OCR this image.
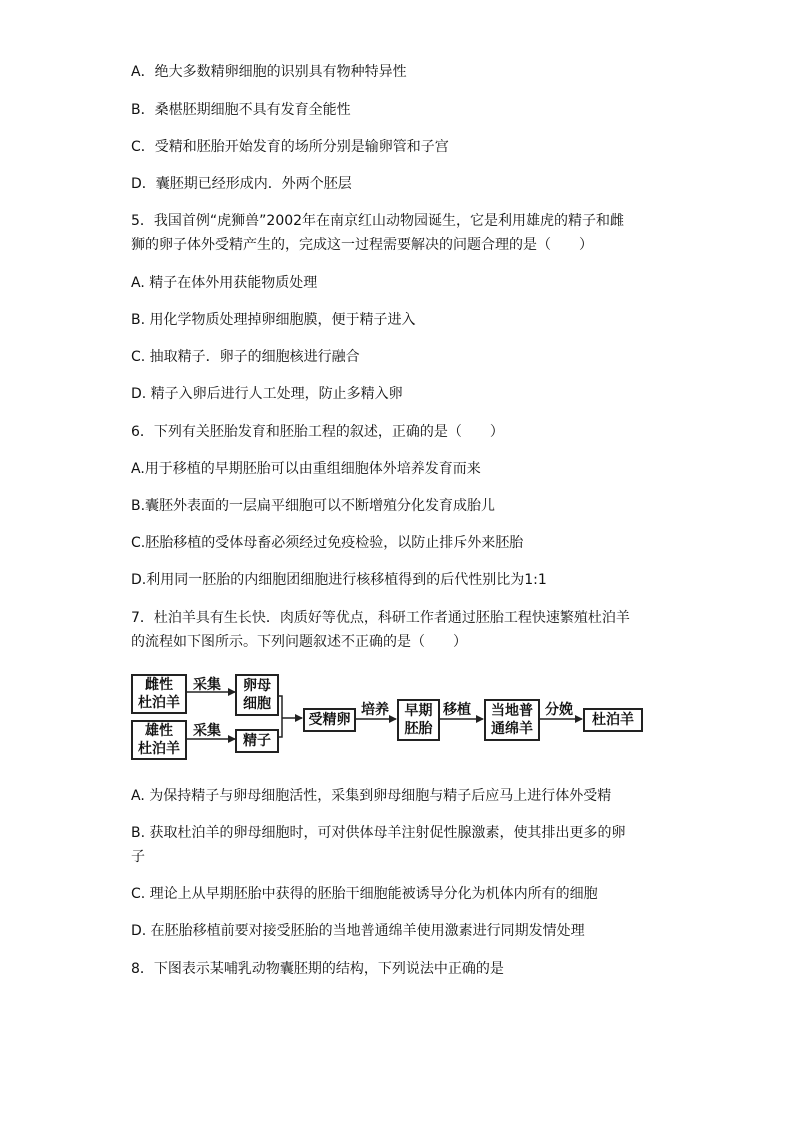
A．绝大多数精卵细胞的识别具有物种特异性
B．桑椹胚期细胞不具有发育全能性
C．受精和胚胎开始发育的场所分别是输卵管和子宫
D．囊胚期已经形成内．外两个胚层
5．我国首例“虎狮兽”2002年在南京红山动物园诞生，它是利用雄虎的精子和雌
狮的卵子体外受精产生的，完成这一过程需要解决的问题合理的是（　　）
A. 精子在体外用获能物质处理
B. 用化学物质处理掉卵细胞膜，便于精子进入
C. 抽取精子．卵子的细胞核进行融合
D. 精子入卵后进行人工处理，防止多精入卵
6．下列有关胚胎发育和胚胎工程的叙述，正确的是（　　）
A.用于移植的早期胚胎可以由重组细胞体外培养发育而来
B.囊胚外表面的一层扁平细胞可以不断增殖分化发育成胎儿
C.胚胎移植的受体母畜必须经过免疫检验，以防止排斥外来胚胎
D.利用同一胚胎的内细胞团细胞进行核移植得到的后代性别比为1:1
7．杜泊羊具有生长快．肉质好等优点，科研工作者通过胚胎工程快速繁殖杜泊羊
的流程如下图所示。下列问题叙述不正确的是（　　）
雌性
杜泊羊
雄性
杜泊羊
采集
采集
卵母
细胞
精子
受精卵
培养	早期
胚胎
移植	当地普
通绵羊
分娩
杜泊羊
A. 为保持精子与卵母细胞活性，采集到卵母细胞与精子后应马上进行体外受精
B. 获取杜泊羊的卵母细胞时，可对供体母羊注射促性腺激素，使其排出更多的卵
子
C. 理论上从早期胚胎中获得的胚胎干细胞能被诱导分化为机体内所有的细胞
D. 在胚胎移植前要对接受胚胎的当地普通绵羊使用激素进行同期发情处理
8．下图表示某哺乳动物囊胚期的结构，下列说法中正确的是
